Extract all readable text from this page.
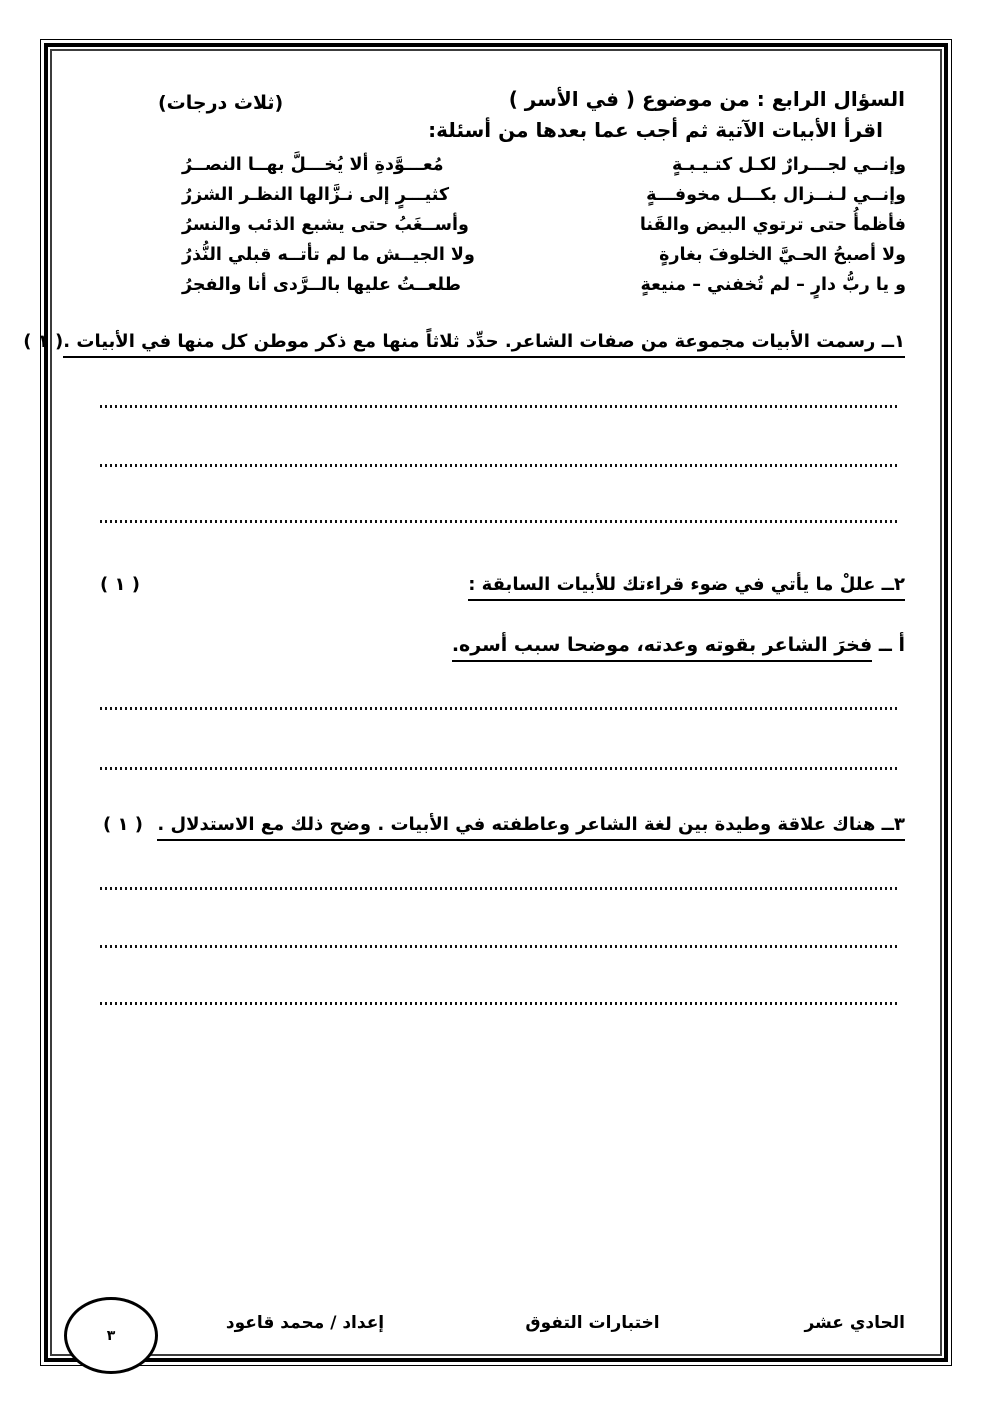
السؤال الرابع : من موضوع ( في الأسر )
اقرأ الأبيات الآتية ثم أجب عما بعدها من أسئلة:
(ثلاث درجات)
وإنــي لجـــرارٌ لكـل كتـيـبـةٍ
مُعـــوَّدةِ ألا يُخـــلَّ بهــا النصــرُ
وإنــي لـنــزال بكـــل مخوفـــةٍ
كثيـــرٍ إلى نـزَّالها النظـر الشزرُ
فأظمأُ حتى ترتوي البيض والقَنا
وأســغَبُ حتى يشبع الذئب والنسرُ
ولا أصبحُ الحـيَّ الخلوفَ بغارةٍ
ولا الجيــش ما لم تأتــه قبلي النُّذرُ
و يا ربُّ دارٍ – لم تُخفني – منيعةٍ
طلعــتُ عليها بالــرَّدى أنا والفجرُ
١ــ رسمت الأبيات مجموعة من صفات الشاعر. حدِّد ثلاثاً منها مع ذكر موطن كل منها في الأبيات .
( ١ )
٢ــ عللْ ما يأتي في ضوء قراءتك للأبيات السابقة :
( ١ )
أ ــ فخرَ الشاعر بقوته وعدته، موضحا سبب أسره.
٣ــ هناك علاقة وطيدة بين لغة الشاعر وعاطفته في الأبيات . وضح ذلك مع الاستدلال .
( ١ )
الحادي عشر
اختبارات التفوق
إعداد / محمد قاعود
٣
